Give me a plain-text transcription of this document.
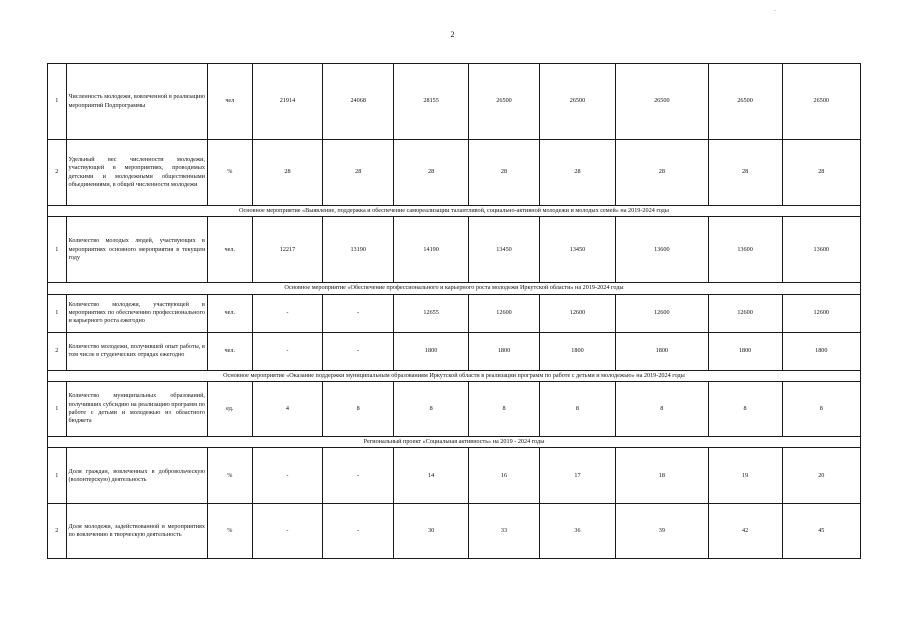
2
-
1	Численность молодежи, вовлеченной в реализацию мероприятий Подпрограммы	чел	21914	24068	28155	26500	26500	26500	26500	26500
2	Удельный вес численности молодежи, участвующей в мероприятиях, проводимых детскими и молодежными общественными объединениями, в общей численности молодежи	%	28	28	28	28	28	28	28	28
Основное мероприятие «Выявление, поддержка и обеспечение самореализации талантливой, социально-активной молодежи и молодых семей» на 2019-2024 годы										
1	Количество молодых людей, участвующих в мероприятиях основного мероприятия в текущем году	чел.	12217	13190	14190	13450	13450	13600	13600	13600
Основное мероприятие «Обеспечение профессионального и карьерного роста молодежи Иркутской области» на 2019-2024 годы										
1	Количество молодежи, участвующей в мероприятиях по обеспечению профессионального и карьерного роста ежегодно	чел.	-	-	12655	12600	12600	12600	12600	12600
2	Количество молодежи, получившей опыт работы, в том числе в студенческих отрядах ежегодно	чел.	-	-	1800	1800	1800	1800	1800	1800
Основное мероприятие «Оказание поддержки муниципальным образованиям Иркутской области в реализации программ по работе с детьми и молодежью» на 2019-2024 годы										
1	Количество муниципальных образований, получивших субсидию на реализацию программ по работе с детьми и молодежью из областного бюджета	ед.	4	8	8	8	8	8	8	8
Региональный проект «Социальная активность» на 2019 - 2024 годы										
1	Доля граждан, вовлеченных в добровольческую (волонтерскую) деятельность	%	-	-	14	16	17	18	19	20
2	Доля молодежи, задействованной в мероприятиях по вовлечению в творческую деятельность	%	-	-	30	33	36	39	42	45
